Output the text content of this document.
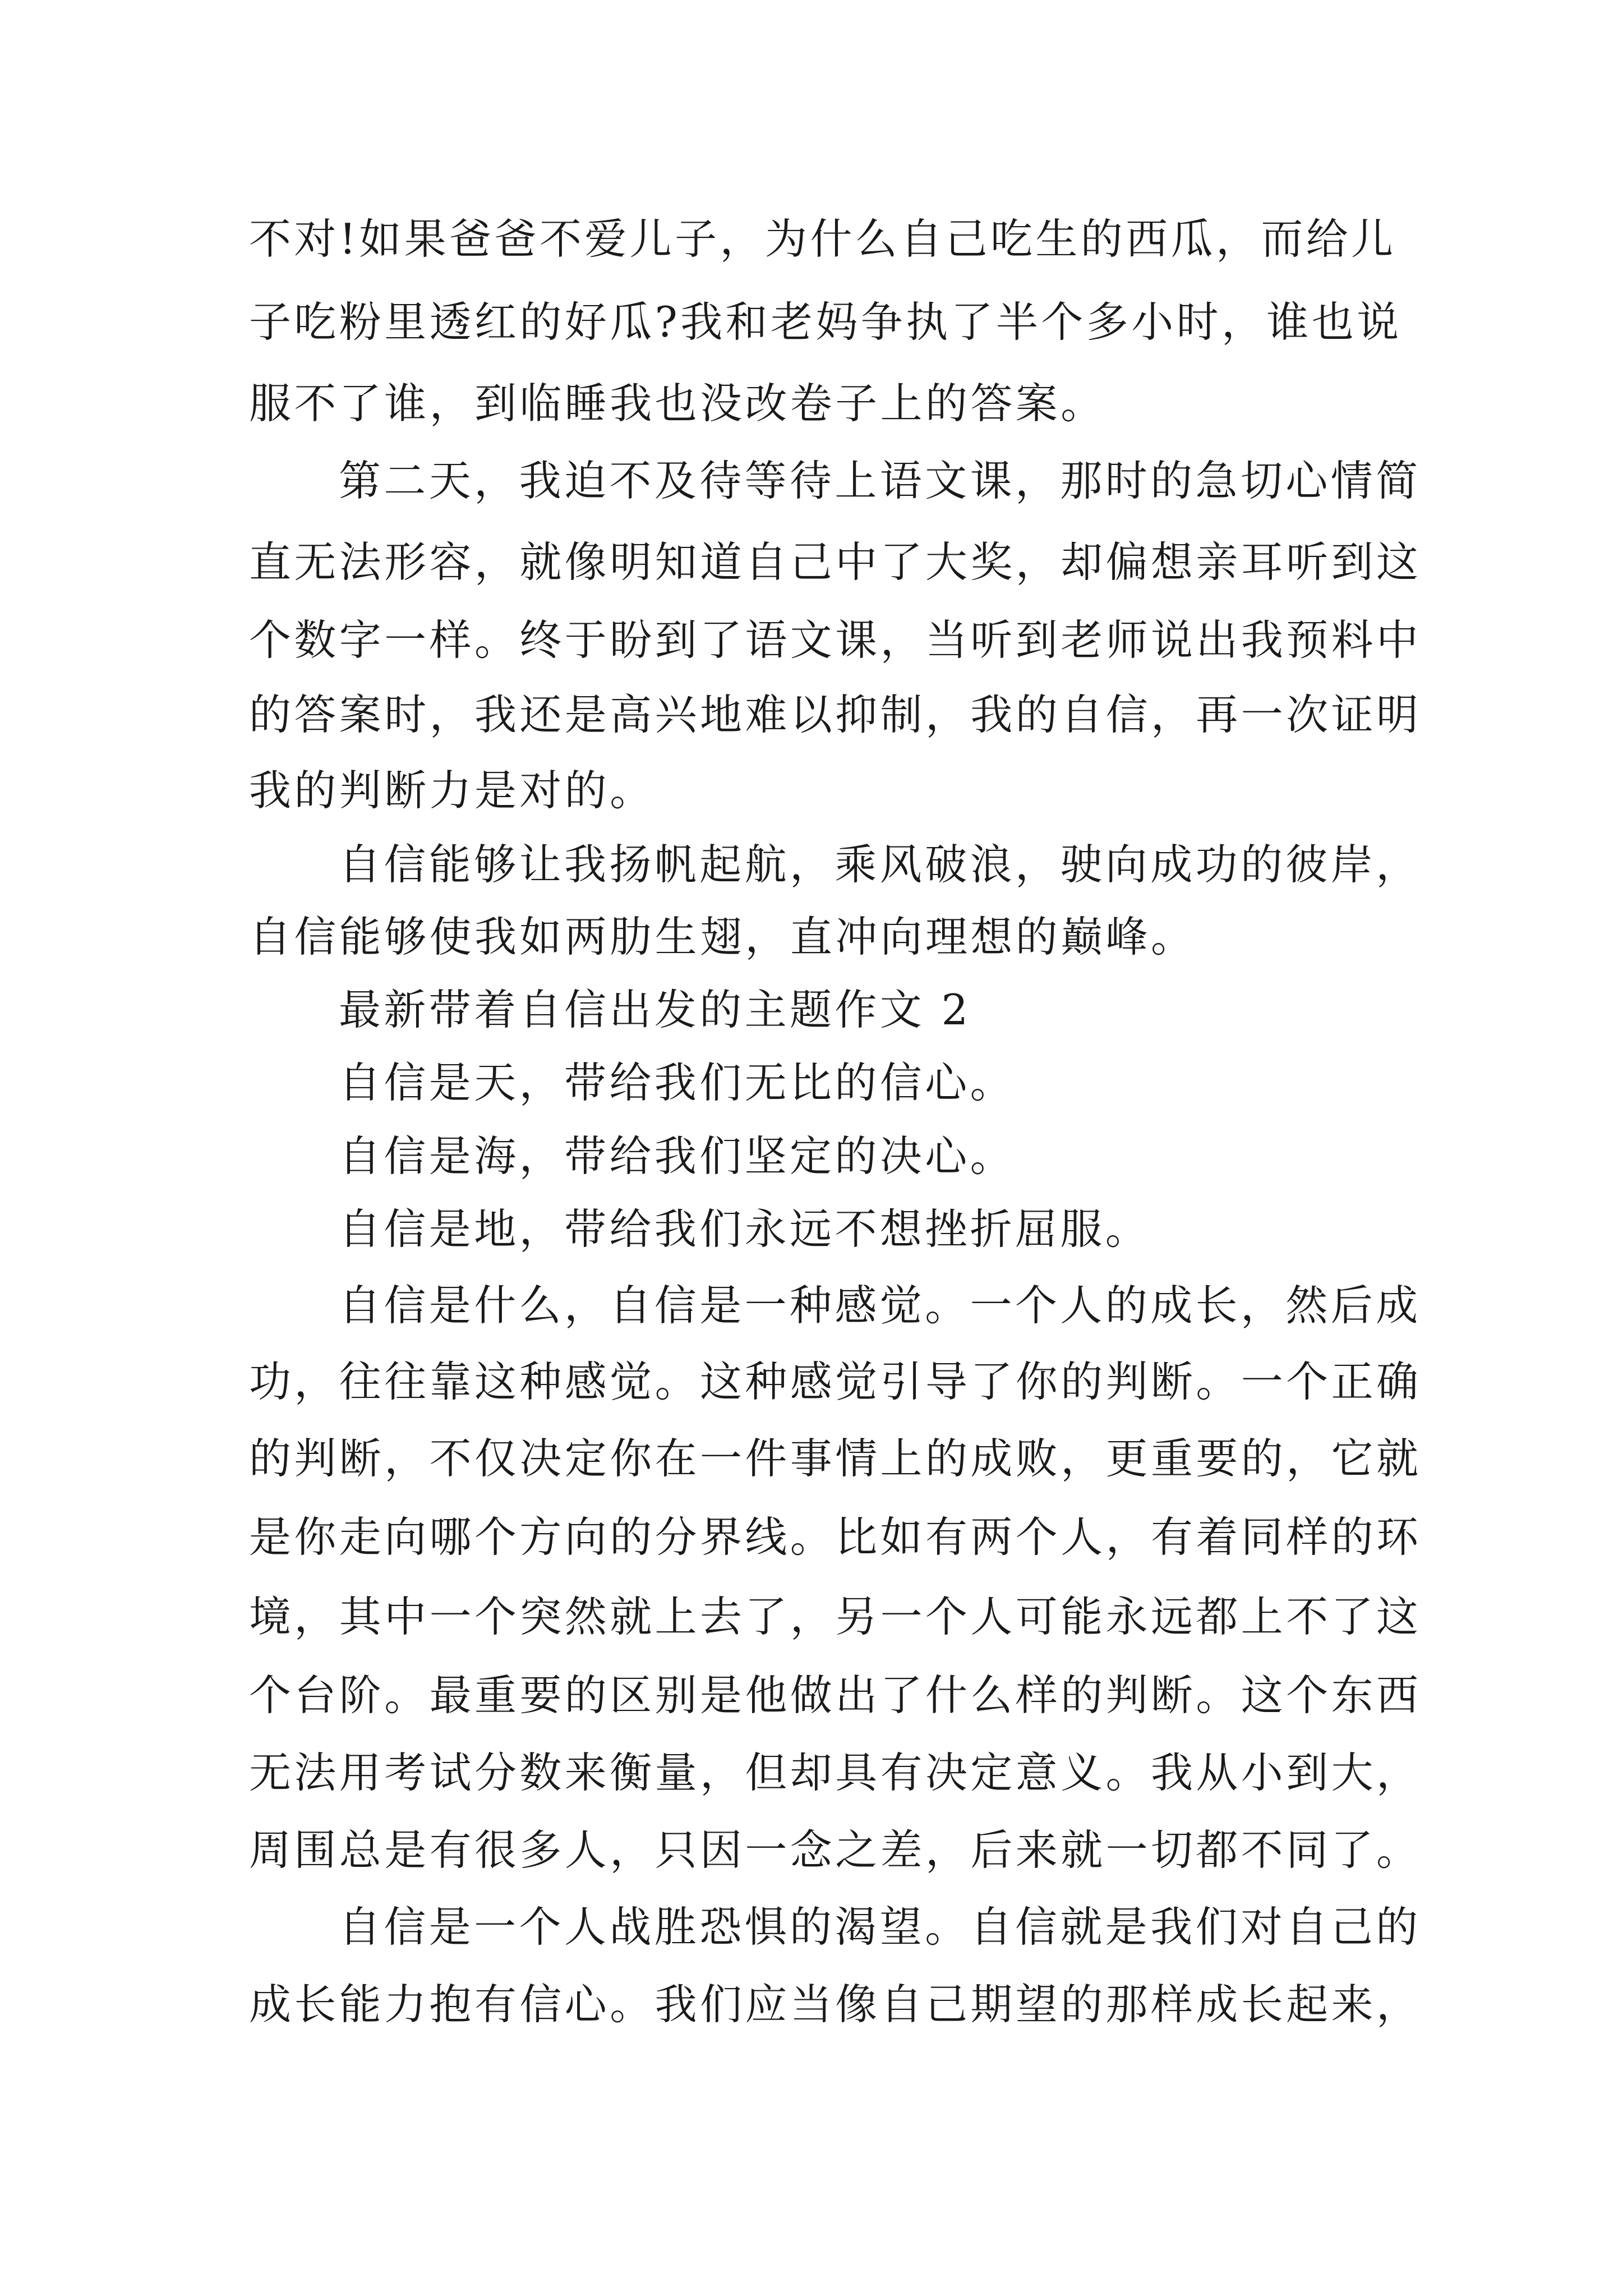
不对!如果爸爸不爱儿子，为什么自己吃生的西瓜，而给儿
子吃粉里透红的好瓜?我和老妈争执了半个多小时，谁也说
服不了谁，到临睡我也没改卷子上的答案。
第二天，我迫不及待等待上语文课，那时的急切心情简
直无法形容，就像明知道自己中了大奖，却偏想亲耳听到这
个数字一样。终于盼到了语文课，当听到老师说出我预料中
的答案时，我还是高兴地难以抑制，我的自信，再一次证明
我的判断力是对的。
自信能够让我扬帆起航，乘风破浪，驶向成功的彼岸，
自信能够使我如两肋生翅，直冲向理想的巅峰。
最新带着自信出发的主题作文 2
自信是天，带给我们无比的信心。
自信是海，带给我们坚定的决心。
自信是地，带给我们永远不想挫折屈服。
自信是什么，自信是一种感觉。一个人的成长，然后成
功，往往靠这种感觉。这种感觉引导了你的判断。一个正确
的判断，不仅决定你在一件事情上的成败，更重要的，它就
是你走向哪个方向的分界线。比如有两个人，有着同样的环
境，其中一个突然就上去了，另一个人可能永远都上不了这
个台阶。最重要的区别是他做出了什么样的判断。这个东西
无法用考试分数来衡量，但却具有决定意义。我从小到大，
周围总是有很多人，只因一念之差，后来就一切都不同了。
自信是一个人战胜恐惧的渴望。自信就是我们对自己的
成长能力抱有信心。我们应当像自己期望的那样成长起来，
